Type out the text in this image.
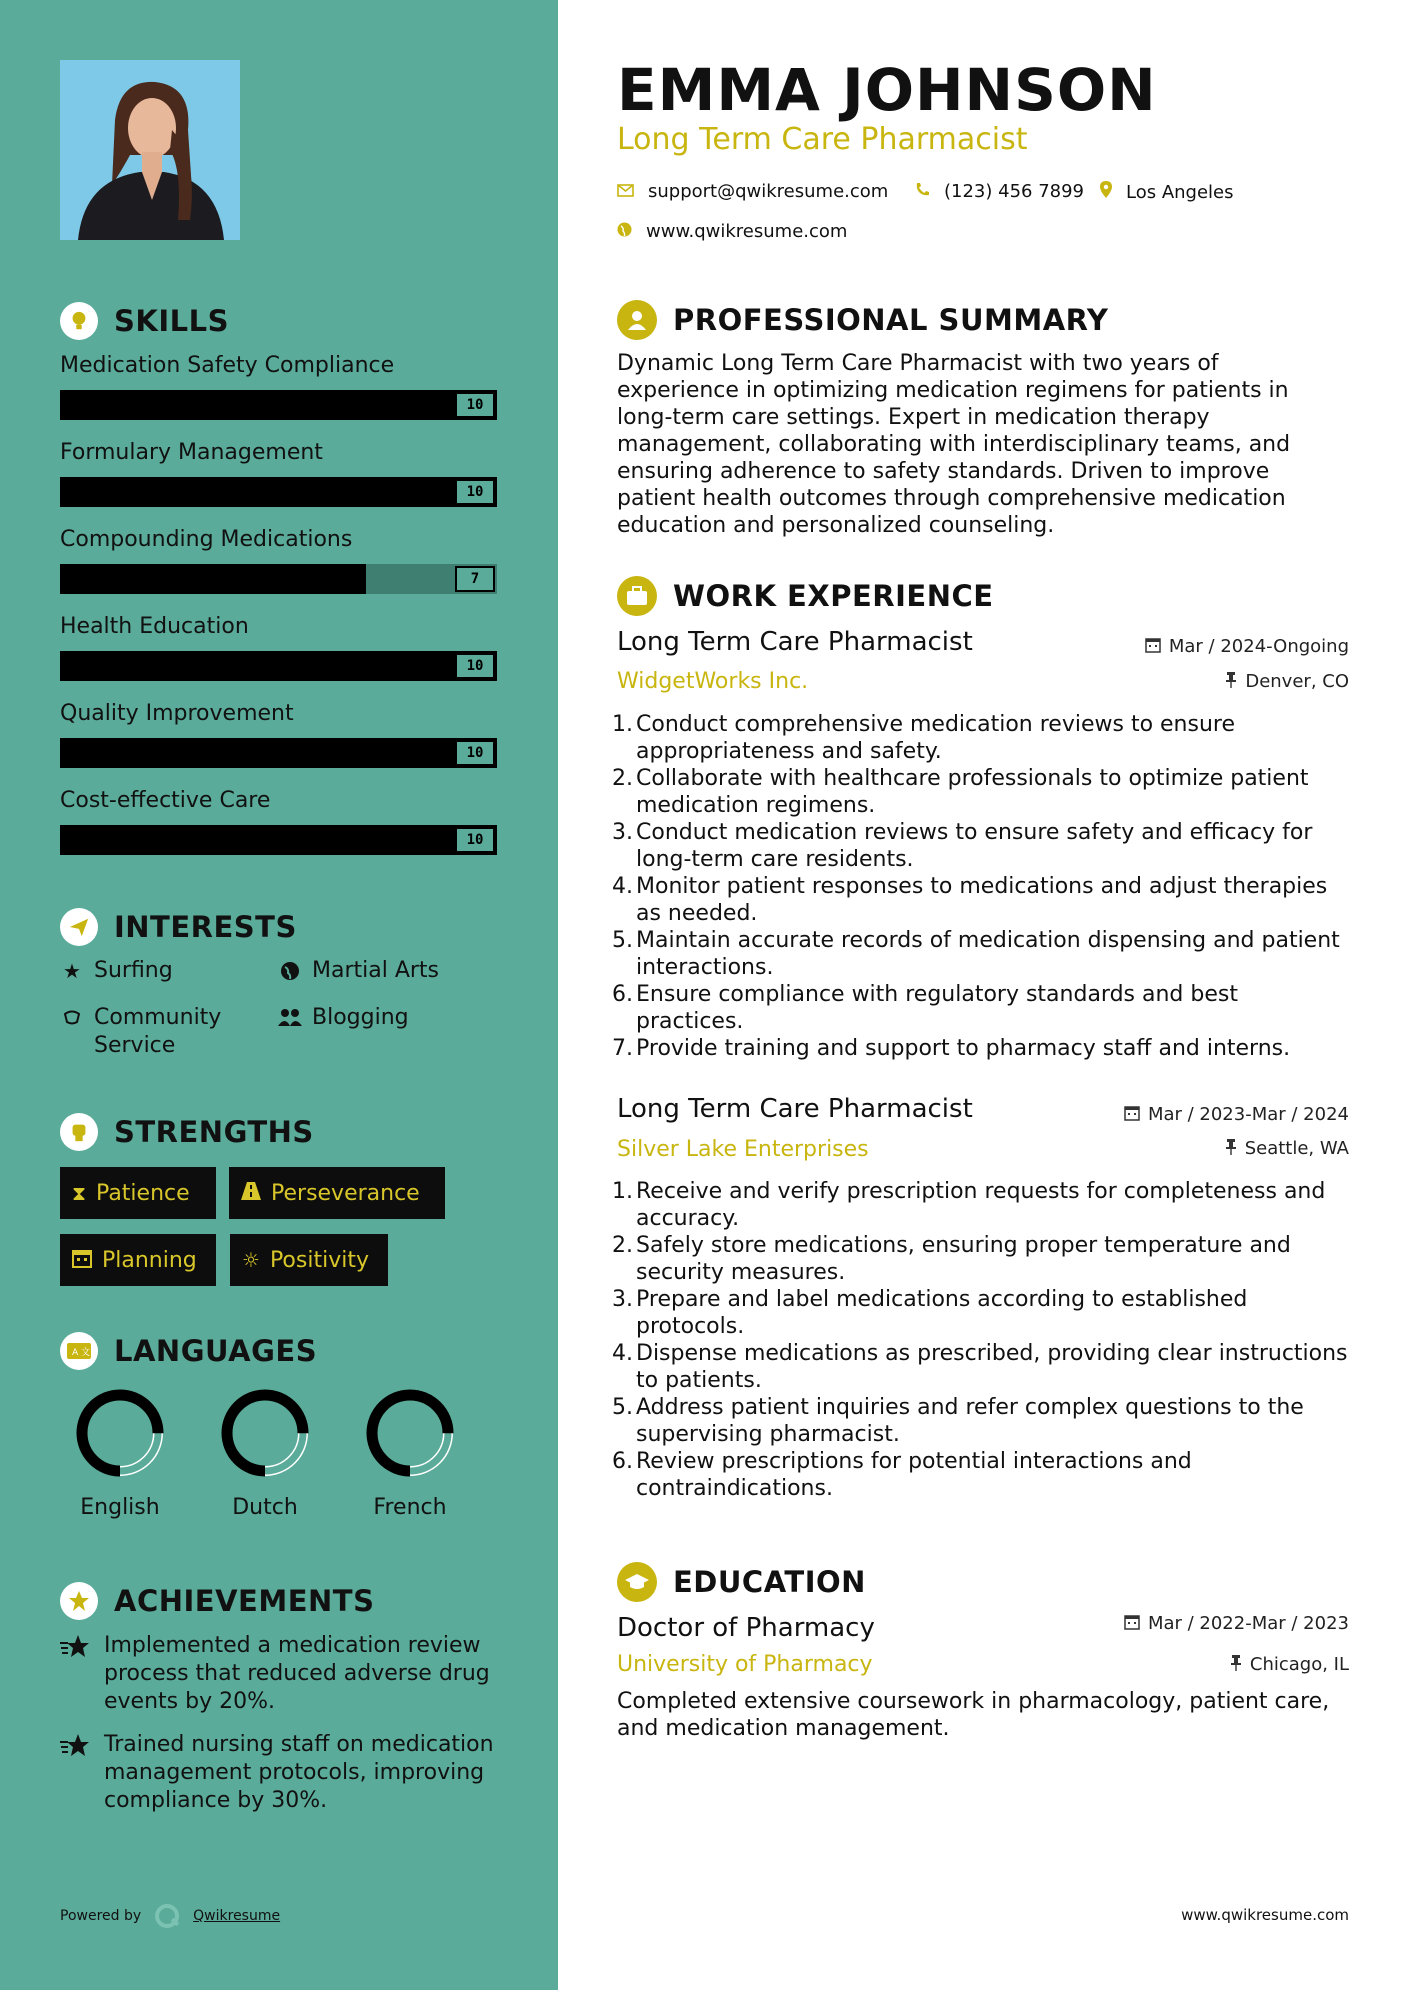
SKILLS
Medication Safety Compliance
10
Formulary Management
10
Compounding Medications
7
Health Education
10
Quality Improvement
10
Cost-effective Care
10
INTERESTS
★ Surfing	Martial Arts
Community Service
Blogging
STRENGTHS
⧗ Patience	Perseverance
Planning ☼ Positivity
A 文 LANGUAGES
English	Dutch	French
ACHIEVEMENTS
Implemented a medication review process that reduced adverse drug events by 20%.
Trained nursing staff on medication management protocols, improving compliance by 30%.
Powered by	Qwikresume
EMMA JOHNSON
Long Term Care Pharmacist
support@qwikresume.com	(123) 456 7899 Los Angeles
www.qwikresume.com
PROFESSIONAL SUMMARY
Dynamic Long Term Care Pharmacist with two years of experience in optimizing medication regimens for patients in long-term care settings. Expert in medication therapy management, collaborating with interdisciplinary teams, and ensuring adherence to safety standards. Driven to improve patient health outcomes through comprehensive medication education and personalized counseling.
WORK EXPERIENCE
Long Term Care Pharmacist	Mar / 2024-Ongoing
WidgetWorks Inc.	Denver, CO
1. Conduct comprehensive medication reviews to ensure appropriateness and safety.
2. Collaborate with healthcare professionals to optimize patient medication regimens.
3. Conduct medication reviews to ensure safety and efficacy for long-term care residents.
4. Monitor patient responses to medications and adjust therapies as needed.
5. Maintain accurate records of medication dispensing and patient interactions.
6. Ensure compliance with regulatory standards and best practices.
7. Provide training and support to pharmacy staff and interns.
Long Term Care Pharmacist	Mar / 2023-Mar / 2024
Silver Lake Enterprises	Seattle, WA
1. Receive and verify prescription requests for completeness and accuracy.
2. Safely store medications, ensuring proper temperature and security measures.
3. Prepare and label medications according to established protocols.
4. Dispense medications as prescribed, providing clear instructions to patients.
5. Address patient inquiries and refer complex questions to the supervising pharmacist.
6. Review prescriptions for potential interactions and contraindications.
EDUCATION
Doctor of Pharmacy	Mar / 2022-Mar / 2023
University of Pharmacy	Chicago, IL
Completed extensive coursework in pharmacology, patient care, and medication management.
www.qwikresume.com
